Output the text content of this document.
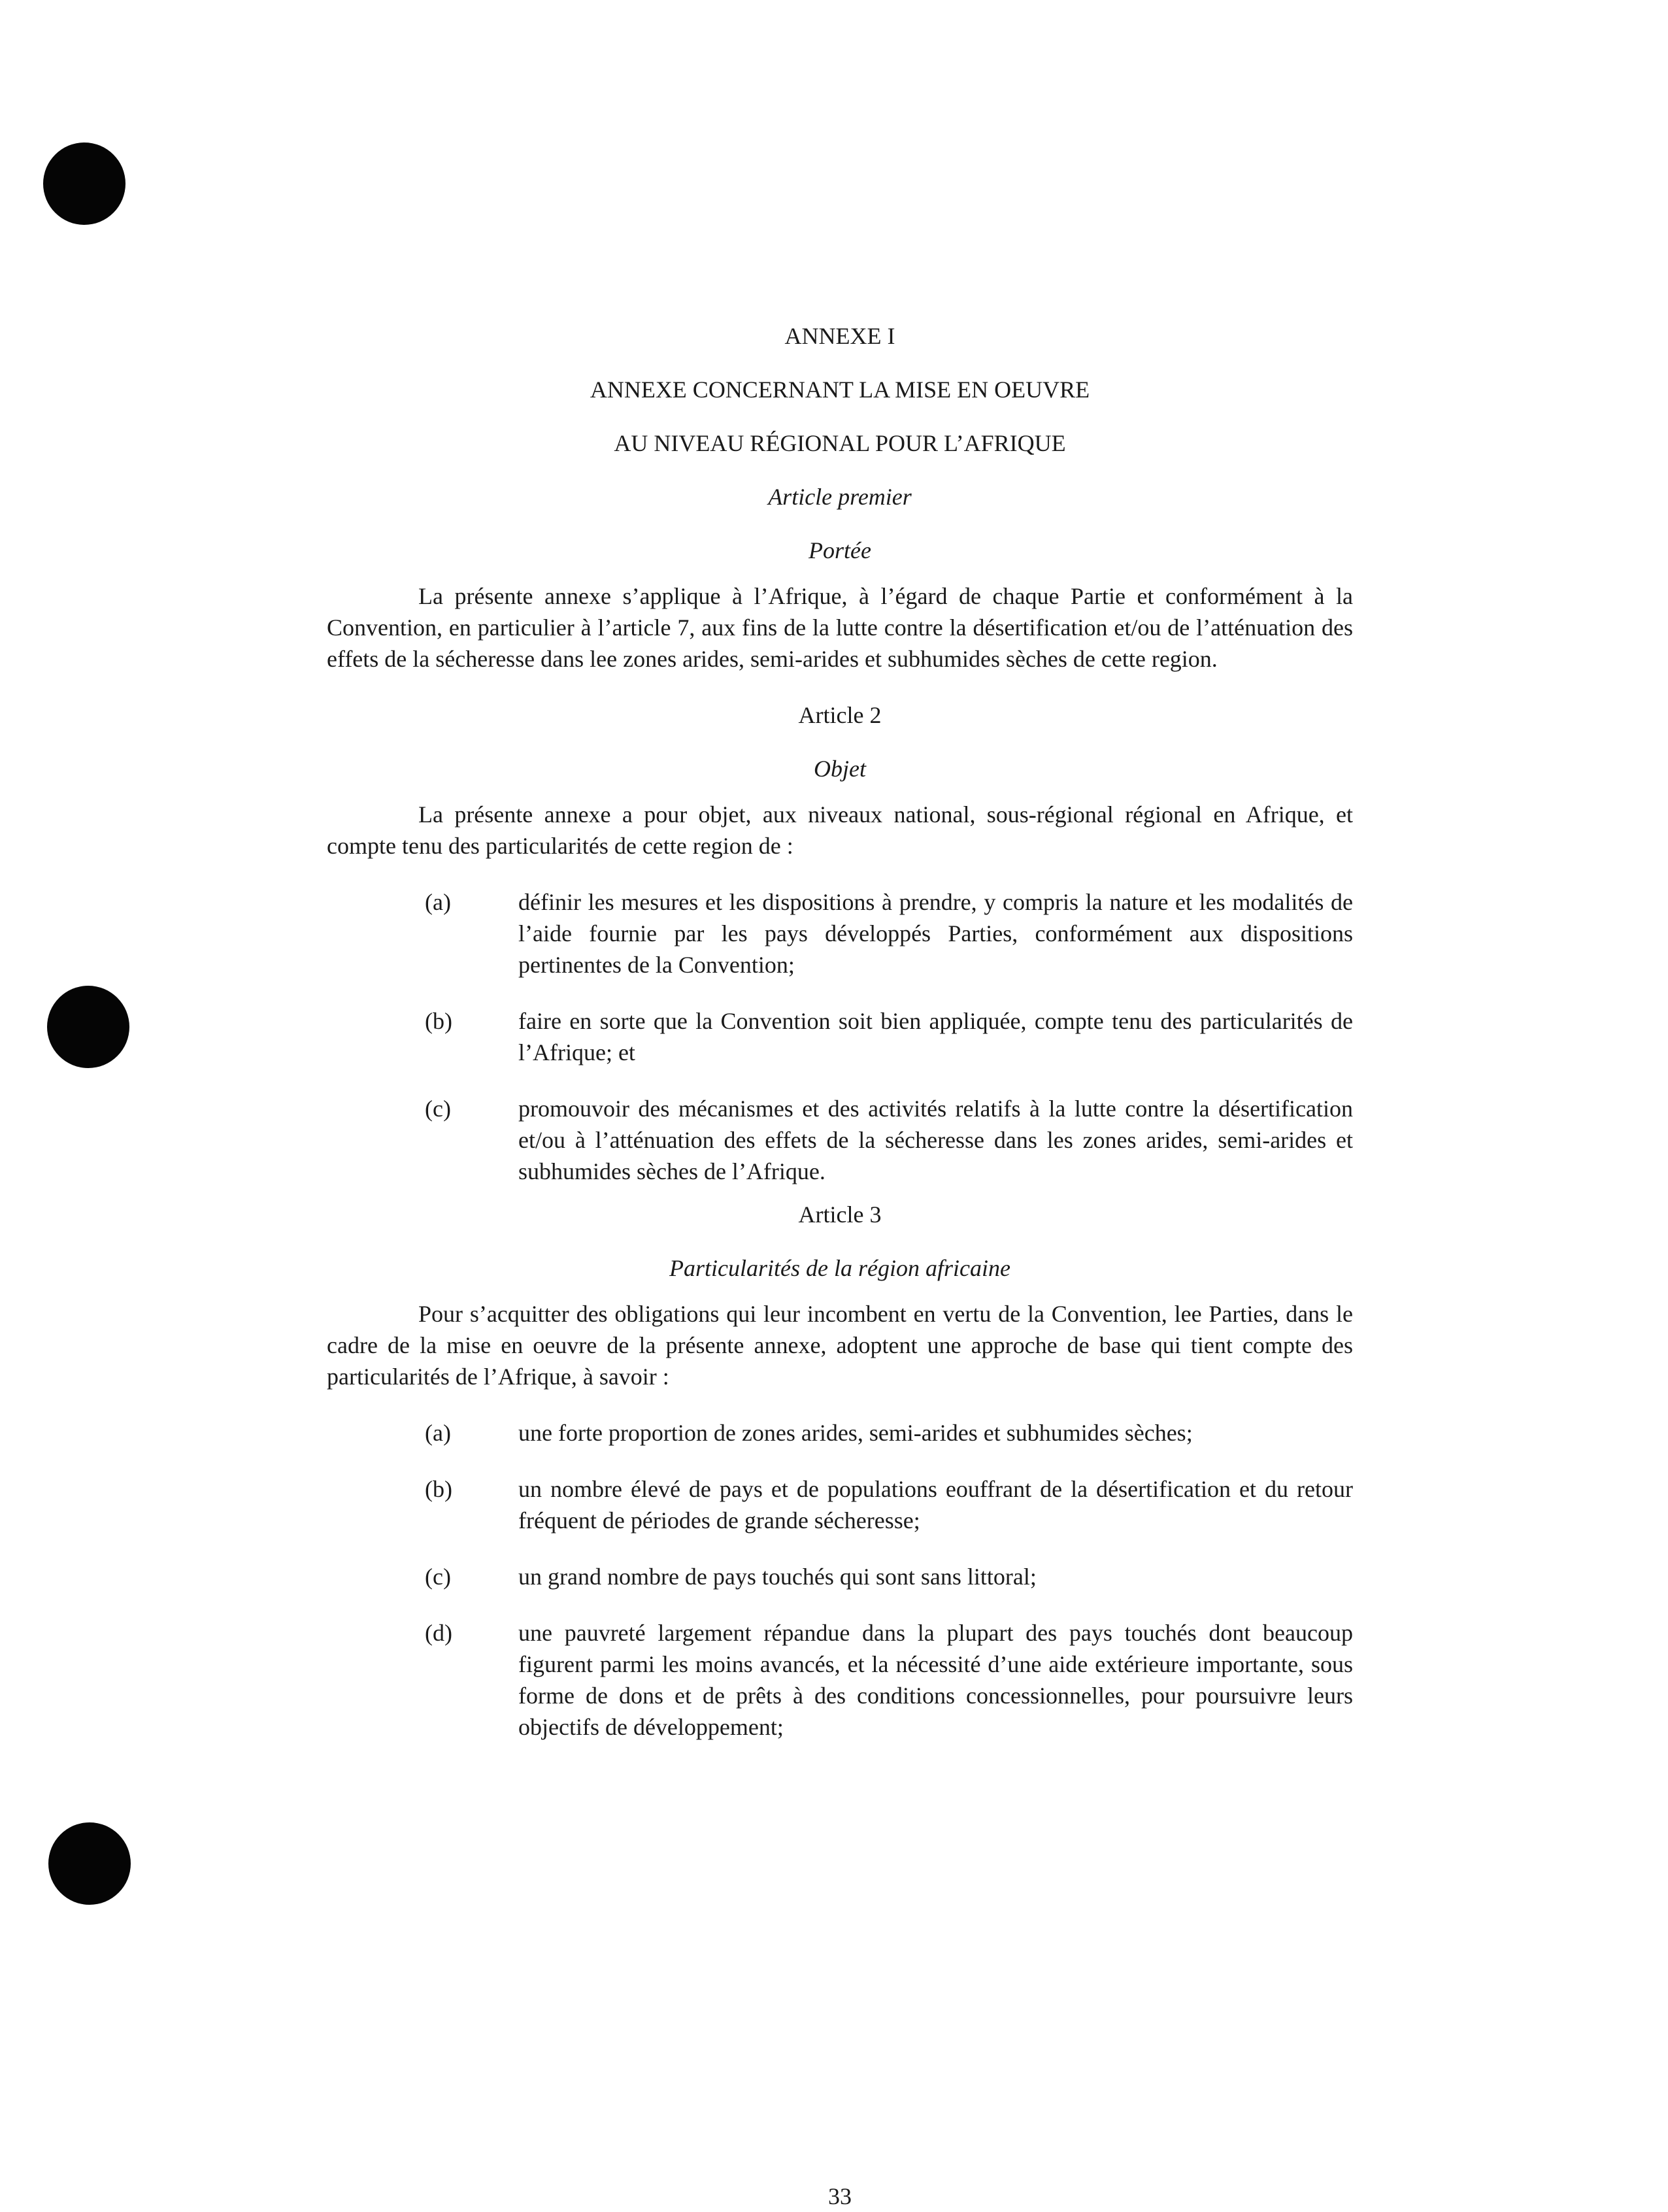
ANNEXE I

ANNEXE CONCERNANT LA MISE EN OEUVRE

AU NIVEAU RÉGIONAL POUR L’AFRIQUE

Article premier

Portée

La présente annexe s’applique à l’Afrique, à l’égard de chaque Partie et conformément à la Convention, en particulier à l’article 7, aux fins de la lutte contre la désertification et/ou de l’atténuation des effets de la sécheresse dans lee zones arides, semi-arides et subhumides sèches de cette region.

Article 2

Objet

La présente annexe a pour objet, aux niveaux national, sous-régional régional en Afrique, et compte tenu des particularités de cette region de :

(a)	définir les mesures et les dispositions à prendre, y compris la nature et les modalités de l’aide fournie par les pays développés Parties, conformément aux dispositions pertinentes de la Convention;
(b)	faire en sorte que la Convention soit bien appliquée, compte tenu des particularités de l’Afrique; et
(c)	promouvoir des mécanismes et des activités relatifs à la lutte contre la désertification et/ou à l’atténuation des effets de la sécheresse dans les zones arides, semi-arides et subhumides sèches de l’Afrique.

Article 3

Particularités de la région africaine

Pour s’acquitter des obligations qui leur incombent en vertu de la Convention, lee Parties, dans le cadre de la mise en oeuvre de la présente annexe, adoptent une approche de base qui tient compte des particularités de l’Afrique, à savoir :

(a)	une forte proportion de zones arides, semi-arides et subhumides sèches;
(b)	un nombre élevé de pays et de populations eouffrant de la désertification et du retour fréquent de périodes de grande sécheresse;
(c)	un grand nombre de pays touchés qui sont sans littoral;
(d)	une pauvreté largement répandue dans la plupart des pays touchés dont beaucoup figurent parmi les moins avancés, et la nécessité d’une aide extérieure importante, sous forme de dons et de prêts à des conditions concessionnelles, pour poursuivre leurs objectifs de développement;

33
